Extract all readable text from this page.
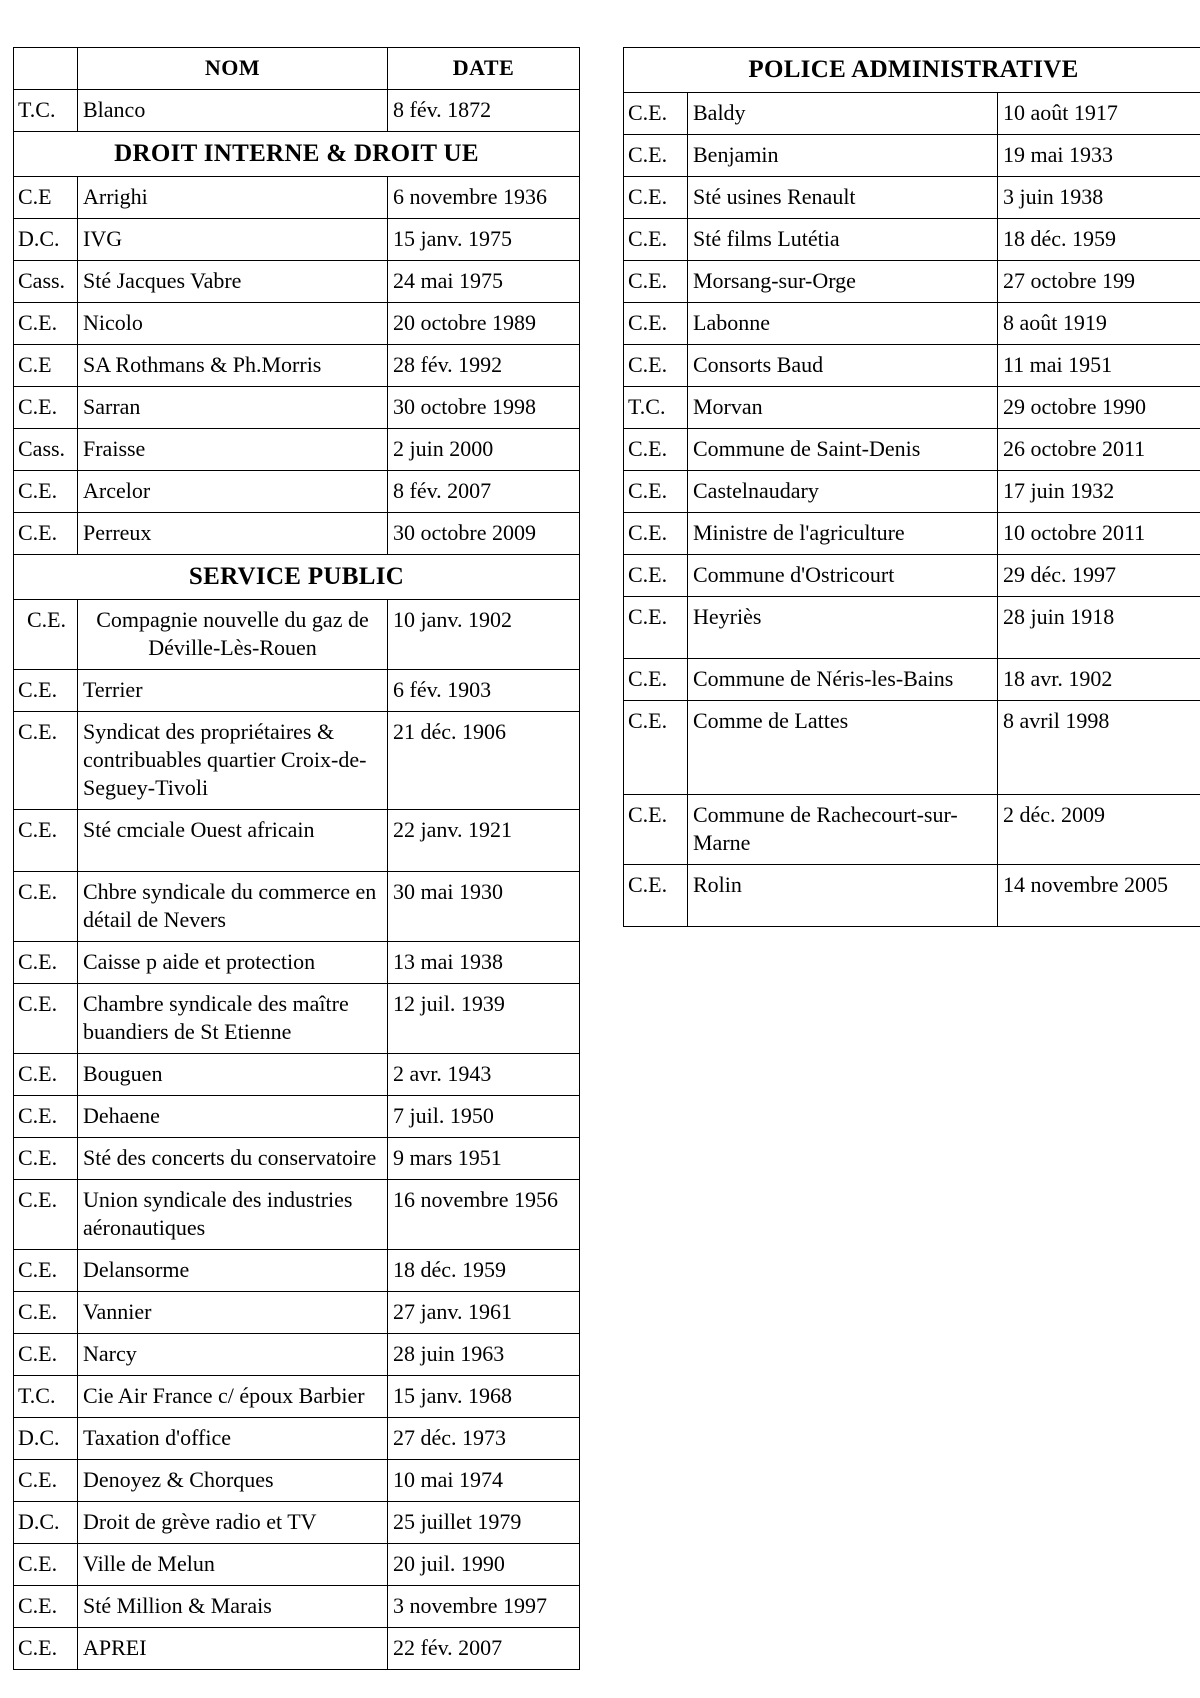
	NOM	DATE
T.C.	Blanco	8 fév. 1872
DROIT INTERNE & DROIT UE		
C.E	Arrighi	6 novembre 1936
D.C.	IVG	15 janv. 1975
Cass.	Sté Jacques Vabre	24 mai 1975
C.E.	Nicolo	20 octobre 1989
C.E	SA Rothmans & Ph.Morris	28 fév. 1992
C.E.	Sarran	30 octobre 1998
Cass.	Fraisse	2 juin 2000
C.E.	Arcelor	8 fév. 2007
C.E.	Perreux	30 octobre 2009
SERVICE PUBLIC		
C.E.	Compagnie nouvelle du gaz de Déville-Lès-Rouen	10 janv. 1902
C.E.	Terrier	6 fév. 1903
C.E.	Syndicat des propriétaires & contribuables quartier Croix-de-Seguey-Tivoli	21 déc. 1906
C.E.	Sté cmciale Ouest africain	22 janv. 1921
C.E.	Chbre syndicale du commerce en détail de Nevers	30 mai 1930
C.E.	Caisse p aide et protection	13 mai 1938
C.E.	Chambre syndicale des maître buandiers de St Etienne	12 juil. 1939
C.E.	Bouguen	2 avr. 1943
C.E.	Dehaene	7 juil. 1950
C.E.	Sté des concerts du conservatoire	9 mars 1951
C.E.	Union syndicale des industries aéronautiques	16 novembre 1956
C.E.	Delansorme	18 déc. 1959
C.E.	Vannier	27 janv. 1961
C.E.	Narcy	28 juin 1963
T.C.	Cie Air France c/ époux Barbier	15 janv. 1968
D.C.	Taxation d'office	27 déc. 1973
C.E.	Denoyez & Chorques	10 mai 1974
D.C.	Droit de grève radio et TV	25 juillet 1979
C.E.	Ville de Melun	20 juil. 1990
C.E.	Sté Million & Marais	3 novembre 1997
C.E.	APREI	22 fév. 2007
POLICE ADMINISTRATIVE		
C.E.	Baldy	10 août 1917
C.E.	Benjamin	19 mai 1933
C.E.	Sté usines Renault	3 juin 1938
C.E.	Sté films Lutétia	18 déc. 1959
C.E.	Morsang-sur-Orge	27 octobre 199
C.E.	Labonne	8 août 1919
C.E.	Consorts Baud	11 mai 1951
T.C.	Morvan	29 octobre 1990
C.E.	Commune de Saint-Denis	26 octobre 2011
C.E.	Castelnaudary	17 juin 1932
C.E.	Ministre de l'agriculture	10 octobre 2011
C.E.	Commune d'Ostricourt	29 déc. 1997
C.E.	Heyriès	28 juin 1918
C.E.	Commune de Néris-les-Bains	18 avr. 1902
C.E.	Comme de Lattes	8 avril 1998
C.E.	Commune de Rachecourt-sur-Marne	2 déc. 2009
C.E.	Rolin	14 novembre 2005
